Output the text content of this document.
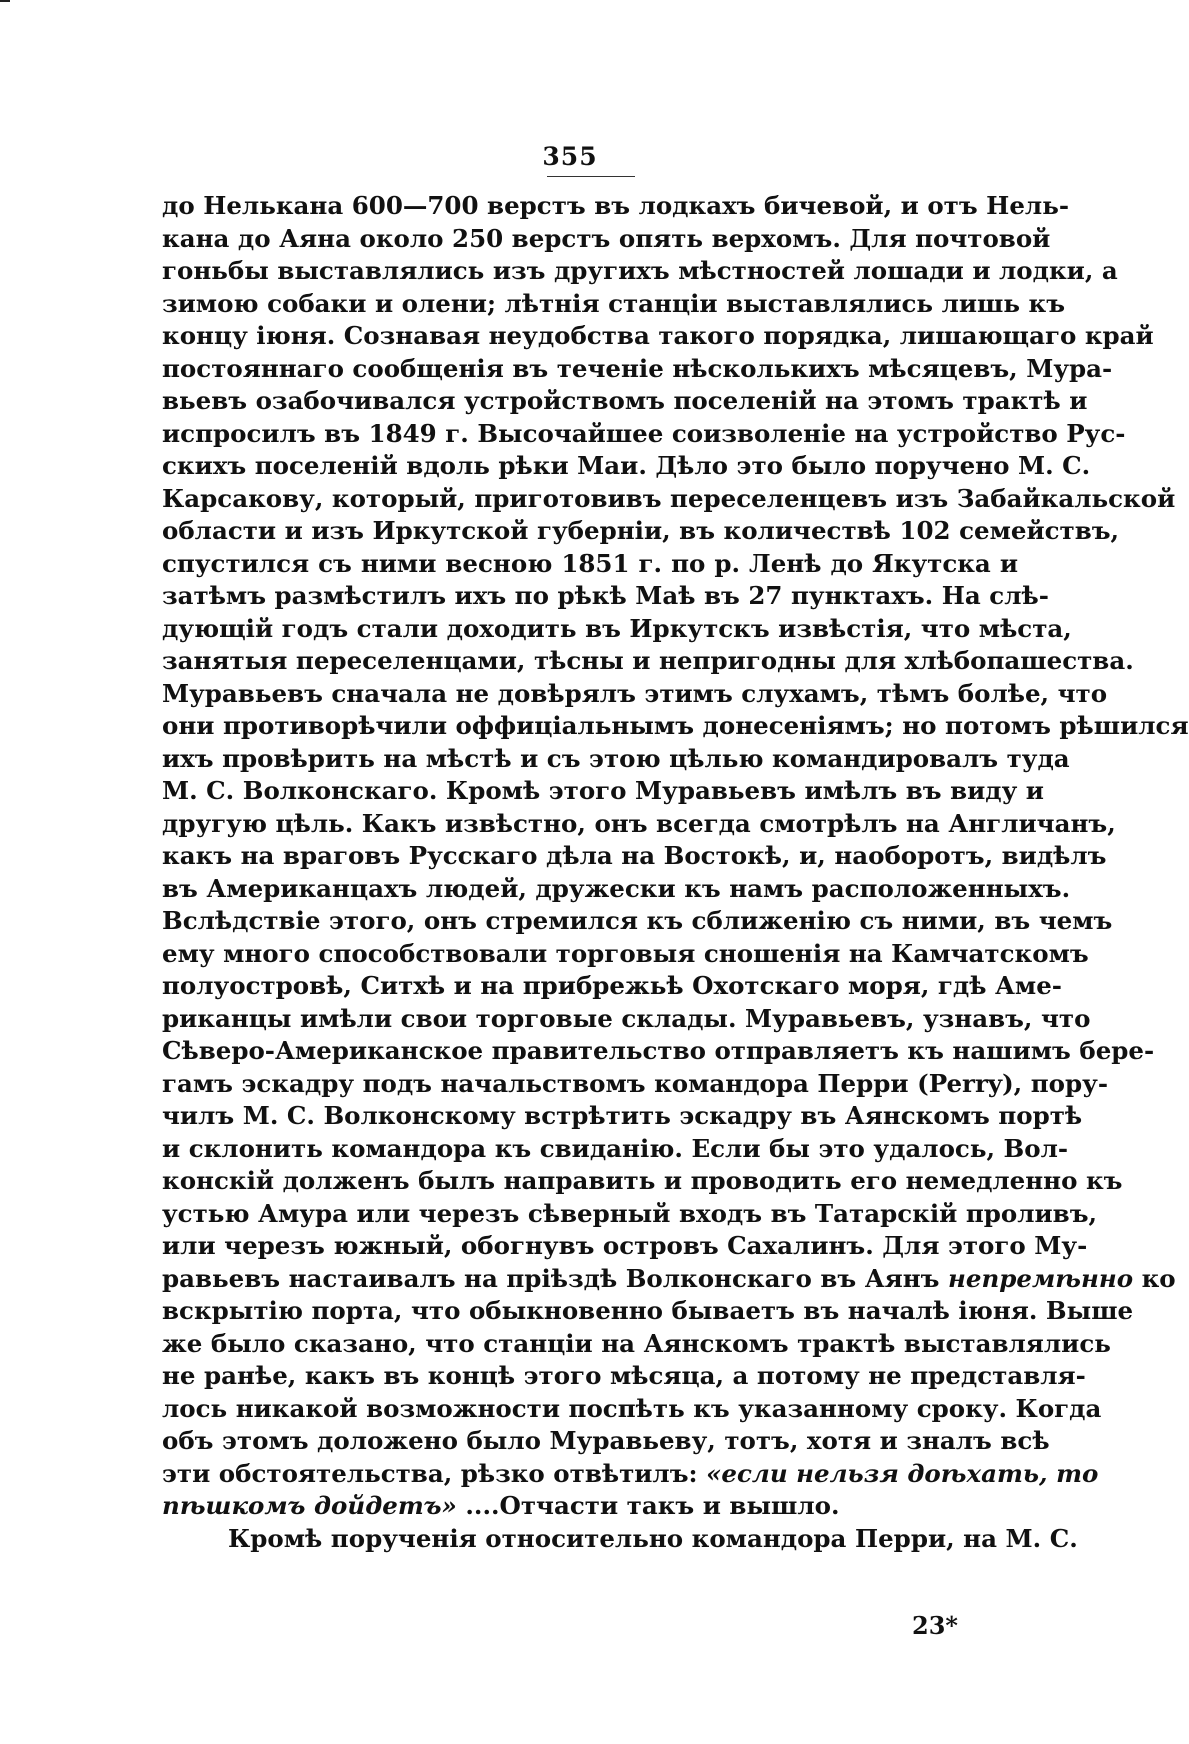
355
до Нелькана 600—700 верстъ въ лодкахъ бичевой, и отъ Нель-
кана до Аяна около 250 верстъ опять верхомъ. Для почтовой
гоньбы выставлялись изъ другихъ мѣстностей лошади и лодки, а
зимою собаки и олени; лѣтнія станціи выставлялись лишь къ
концу іюня. Сознавая неудобства такого порядка, лишающаго край
постояннаго сообщенія въ теченіе нѣсколькихъ мѣсяцевъ, Мура-
вьевъ озабочивался устройствомъ поселеній на этомъ трактѣ и
испросилъ въ 1849 г. Высочайшее соизволеніе на устройство Рус-
скихъ поселеній вдоль рѣки Маи. Дѣло это было поручено М. С.
Карсакову, который, приготовивъ переселенцевъ изъ Забайкальской
области и изъ Иркутской губерніи, въ количествѣ 102 семействъ,
спустился съ ними весною 1851 г. по р. Ленѣ до Якутска и
затѣмъ размѣстилъ ихъ по рѣкѣ Маѣ въ 27 пунктахъ. На слѣ-
дующій годъ стали доходить въ Иркутскъ извѣстія, что мѣста,
занятыя переселенцами, тѣсны и непригодны для хлѣбопашества.
Муравьевъ сначала не довѣрялъ этимъ слухамъ, тѣмъ болѣе, что
они противорѣчили оффиціальнымъ донесеніямъ; но потомъ рѣшился
ихъ провѣрить на мѣстѣ и съ этою цѣлью командировалъ туда
М. С. Волконскаго. Кромѣ этого Муравьевъ имѣлъ въ виду и
другую цѣль. Какъ извѣстно, онъ всегда смотрѣлъ на Англичанъ,
какъ на враговъ Русскаго дѣла на Востокѣ, и, наоборотъ, видѣлъ
въ Американцахъ людей, дружески къ намъ расположенныхъ.
Вслѣдствіе этого, онъ стремился къ сближенію съ ними, въ чемъ
ему много способствовали торговыя сношенія на Камчатскомъ
полуостровѣ, Ситхѣ и на прибрежьѣ Охотскаго моря, гдѣ Аме-
риканцы имѣли свои торговые склады. Муравьевъ, узнавъ, что
Сѣверо-Американское правительство отправляетъ къ нашимъ бере-
гамъ эскадру подъ начальствомъ командора Перри (Perry), пору-
чилъ М. С. Волконскому встрѣтить эскадру въ Аянскомъ портѣ
и склонить командора къ свиданію. Если бы это удалось, Вол-
конскій долженъ былъ направить и проводить его немедленно къ
устью Амура или черезъ сѣверный входъ въ Татарскій проливъ,
или черезъ южный, обогнувъ островъ Сахалинъ. Для этого Му-
равьевъ настаивалъ на пріѣздѣ Волконскаго въ Аянъ непремѣнно ко
вскрытію порта, что обыкновенно бываетъ въ началѣ іюня. Выше
же было сказано, что станціи на Аянскомъ трактѣ выставлялись
не ранѣе, какъ въ концѣ этого мѣсяца, а потому не представля-
лось никакой возможности поспѣть къ указанному сроку. Когда
объ этомъ доложено было Муравьеву, тотъ, хотя и зналъ всѣ
эти обстоятельства, рѣзко отвѣтилъ: «если нельзя доѣхать, то
пѣшкомъ дойдетъ» ....Отчасти такъ и вышло.
Кромѣ порученія относительно командора Перри, на М. С.
23*
